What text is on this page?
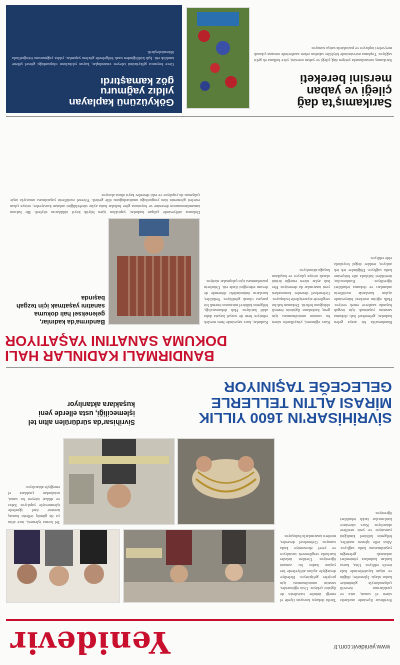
Yenidevir	www.yenidevir.com.tr
SİVRİHİSAR'IN 1600 YILLIK
MİRASI ALTIN TELLERLE
GELECEĞE TAŞINIYOR
Sivrihisar'da sürdürülen altın tel işlemeciliği, usta ellerde yeni kuşaklara aktarılıyor
Sivrihisar ilçesinde asırlardır süren el sanatı, usta ve çıraklarının özverili çalışmalarıyla günümüze kadar ulaştı. İşlemeler, düğün ve nişan kıyafetlerinde hala tercih ediliyor. Usta, kursa katılan kadınlara yöntemleri anlatarak geleneğin yaşatılmasına katkı sağlıyor. Altın telle işlenen motifler, bölgenin kültürel kimliğini yansıtıyor ve yeni nesillere aktarılıyor. Kurs süresince katılımcılar farklı teknikleri öğreniyor.
Tarihi dokuyu koruyan ilçede el emeği ürünler turistlerin de ilgisini çekiyor. Usta eğitmenler, sanatın unutulmaması için projeler geliştiriyor. Belediye desteğiyle açılan atölyelerde her yaştan kadın bu zanaatı öğreniyor. Üretilen ürünler fuarlarda sergilenerek tanıtılıyor ve yerel ekonomiye katkı sunuyor. Geleneksel desenler, modern tasarımlarla buluşuyor.
Tel kırma işlemesi, ince altın ya da gümüş tellerin kumaş üzerine özel iğnelerle işlenmesiyle yapılıyor. Sabır ve dikkat isteyen bu sanat, ustalardan çıraklara el emeğiyle aktarılıyor.
BANDIRMALI KADINLAR HALI
DOKUMA SANATINI YAŞATIYOR
Bandırma'da kadınlar, geleneksel halı dokuma sanatını yaşatmak için tezgah başında
Bandırma'da bir araya gelen kadınlar, geleneksel halı dokuma sanatını yaşatmak için tezgah başında saatlerce emek veriyor. Halk eğitim merkezi bünyesinde açılan kurslarda motiflerin anlamları ve dokuma teknikleri öğretiliyor. Katılımcılar, ürettikleri halılarla aile bütçesine katkı sağlıyor. Düğümler tek tek atılıyor, renkler doğal boyalarla elde ediliyor.
Kurs eğitmeni, yüzyıllardır süren bu sanatın unutulmaması için genç kadınların ilgisinin önemli olduğunu belirtti. Dokunan halılar sergilerde ziyaretçilerle buluşuyor. Geleneksel desenler korunurken yeni tasarımlar da deneniyor. Her halı aylar süren emeğin ürünü olarak ortaya çıkıyor ve kuşaktan kuşağa aktarılıyor.
Kadınlar, kurs sayesinde hem meslek ediniyor hem de sosyal hayata daha aktif katılıyor. Halı dokumacılığı, bölgenin kültürel mirasının önemli bir parçası olarak görülüyor. Yetkililer, kursların önümüzdeki dönemde de devam edeceğini ifade etti. Ürünlerin pazarlanması için çalışmalar sürüyor.
Dokuma atölyesinde çalışan kadınlar, yaptıkları işten büyük keyif aldıklarını söyledi. Bir halının tamamlanmasının desenine ve boyutuna göre haftalar hatta aylar sürebildiğini anlatan kursiyerler, ortaya çıkan eserleri görmenin tüm yorgunluğu unutturduğunu dile getirdi. Yöresel motiflerin yaşatılması amacıyla arşiv çalışması da yapılıyor ve eski desenler kayıt altına alınıyor.
Sarıkamış'ta dağ
çileği ve yaban
mersini bereketi
Sarıkamış ormanlarında yetişen dağ çileği ve yaban mersini, yöre halkına ek gelir sağlıyor. Toplama mevsiminde köylüler sabahın erken saatlerinde ormana çıkarak meyveleri topluyor ve pazarlarda satışa sunuyor.
Gökyüzünü kaplayan
yıldız yağmuru
göz kamaştırdı
Gece boyunca gökyüzünü izleyen vatandaşlar, kayan yıldızların oluşturduğu görsel şölene tanıklık etti. Işık kirliliğinden uzak bölgelerde gözlem yapanlar, yıldız yağmurunu fotoğraflarla ölümsüzleştirdi.
